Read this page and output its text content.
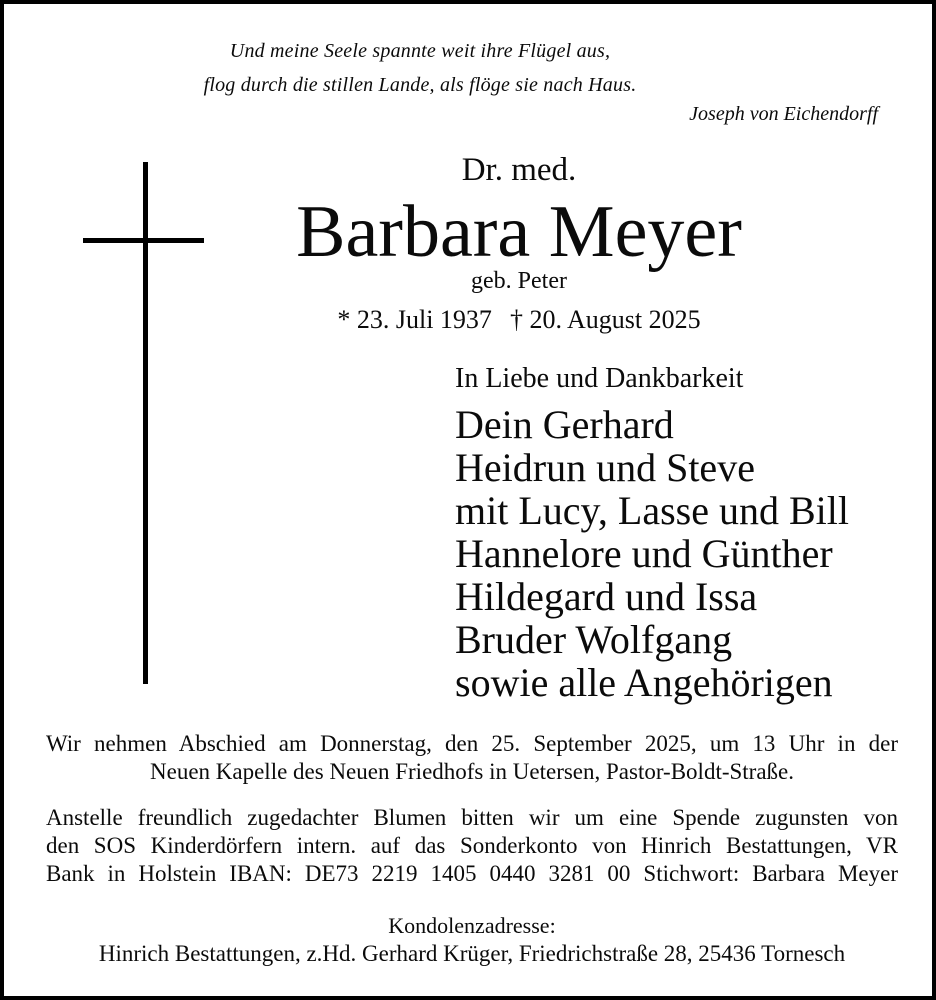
Und meine Seele spannte weit ihre Flügel aus,
flog durch die stillen Lande, als flöge sie nach Haus.
Joseph von Eichendorff
Dr. med.
Barbara Meyer
geb. Peter
* 23. Juli 1937 † 20. August 2025
In Liebe und Dankbarkeit
Dein Gerhard
Heidrun und Steve
mit Lucy, Lasse und Bill
Hannelore und Günther
Hildegard und Issa
Bruder Wolfgang
sowie alle Angehörigen
Wir nehmen Abschied am Donnerstag, den 25. September 2025, um 13 Uhr in der
Neuen Kapelle des Neuen Friedhofs in Uetersen, Pastor-Boldt-Straße.
Anstelle freundlich zugedachter Blumen bitten wir um eine Spende zugunsten von
den SOS Kinderdörfern intern. auf das Sonderkonto von Hinrich Bestattungen, VR
Bank in Holstein IBAN: DE73 2219 1405 0440 3281 00 Stichwort: Barbara Meyer
Kondolenzadresse:
Hinrich Bestattungen, z.Hd. Gerhard Krüger, Friedrichstraße 28, 25436 Tornesch
